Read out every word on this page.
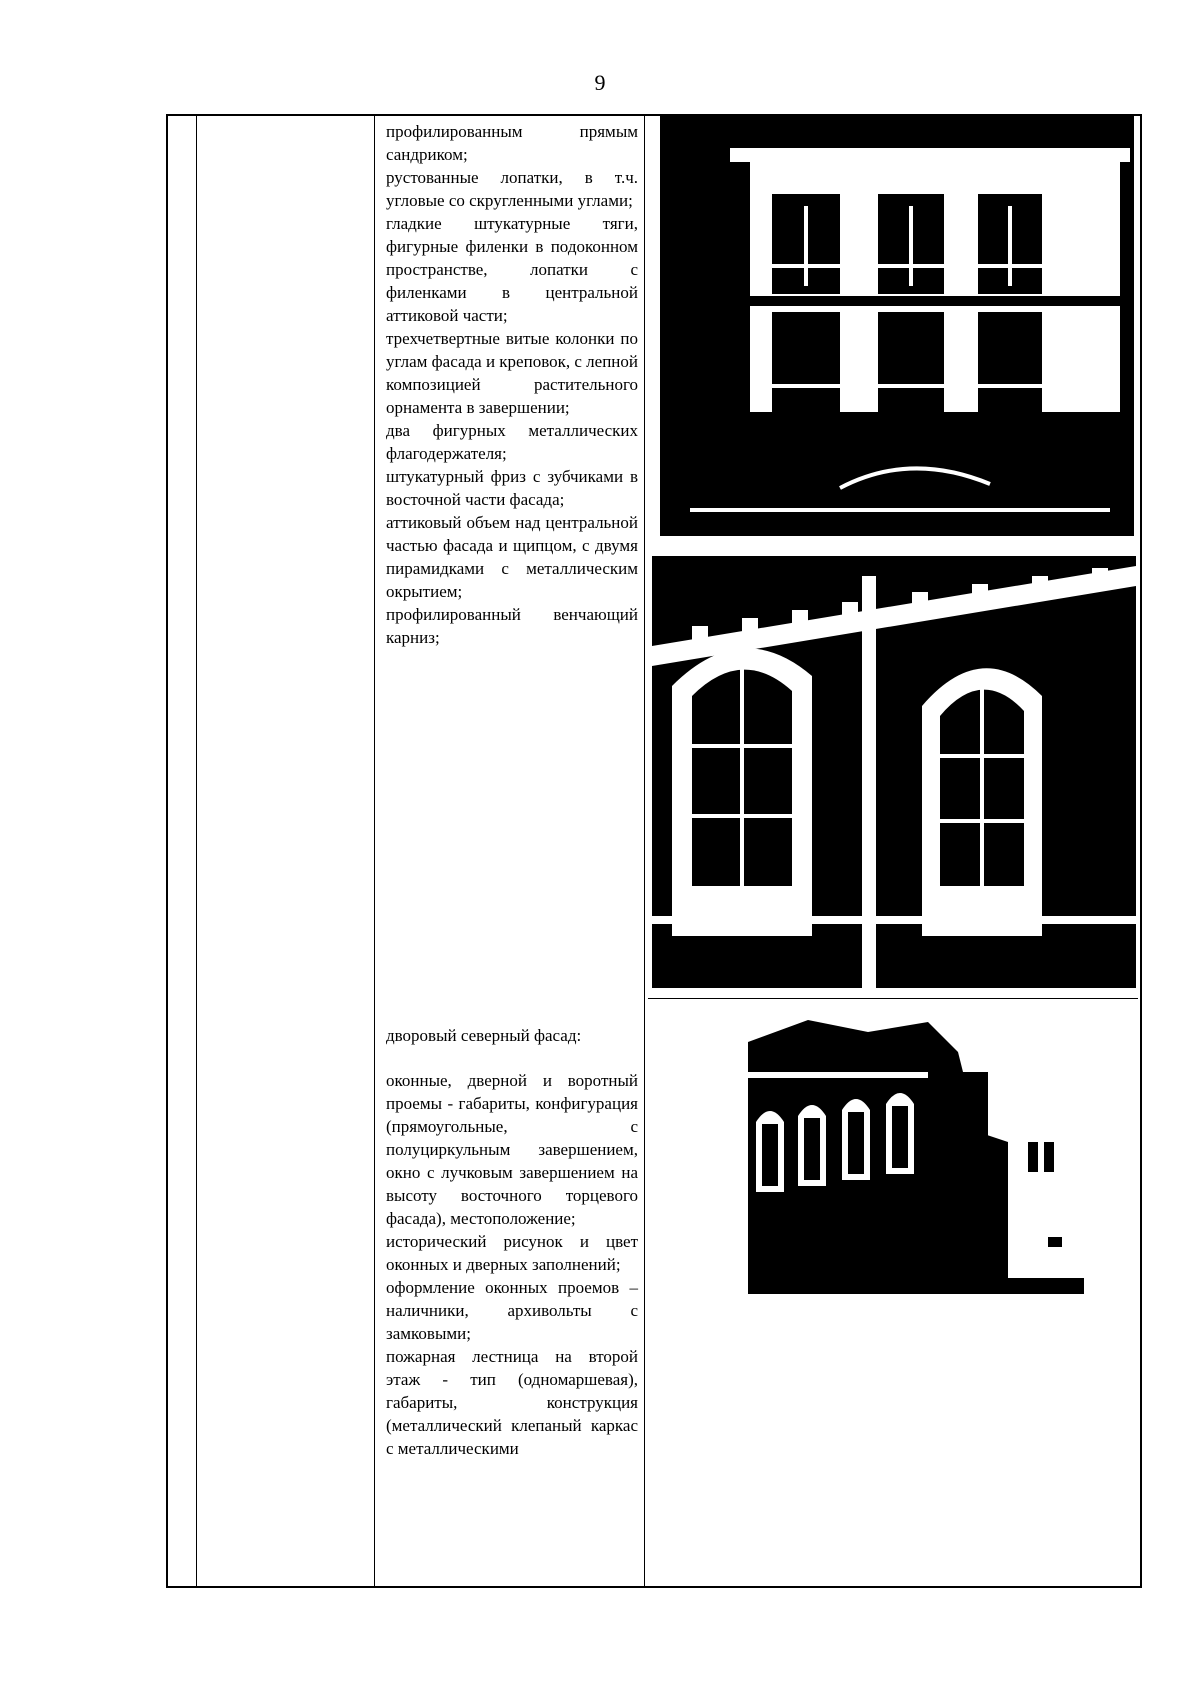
9

профилированным прямым сандриком;

рустованные лопатки, в т.ч. угловые со скругленными углами;

гладкие штукатурные тяги, фигурные филенки в подоконном пространстве, лопатки с филенками в центральной аттиковой части;

трехчетвертные витые колонки по углам фасада и креповок, с лепной композицией растительного орнамента в завершении;

два фигурных металлических флагодержателя;

штукатурный фриз с зубчиками в восточной части фасада;

аттиковый объем над центральной частью фасада и щипцом, с двумя пирамидками с металлическим окрытием;

профилированный венчающий карниз;

дворовый северный фасад:

оконные, дверной и воротный проемы - габариты, конфигурация (прямоугольные, с полуциркульным завершением, окно с лучковым завершением на высоту восточного торцевого фасада), местоположение;

исторический рисунок и цвет оконных и дверных заполнений;

оформление оконных проемов – наличники, архивольты с замковыми;

пожарная лестница на второй этаж - тип (одномаршевая), габариты, конструкция (металлический клепаный каркас с металлическими
